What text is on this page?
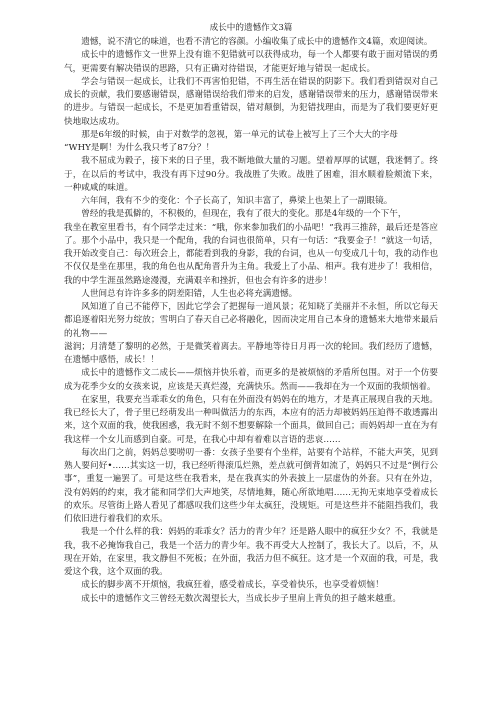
成长中的遗憾作文3篇

遗憾，说不清它的味道，也看不清它的容颜。小编收集了成长中的遗憾作文4篇，欢迎阅读。

成长中的遗憾作文一世界上没有谁不犯错就可以获得成功，每一个人都要有敢于面对错误的勇气，更需要有解决错误的思路，只有正确对待错误，才能更好地与错误一起成长。

学会与错误一起成长，让我们不再害怕犯错，不再生活在错误的阴影下。我们看到错误对自己成长的贡献，我们要感谢错误，感谢错误给我们带来的启发，感谢错误带来的压力，感谢错误带来的进步。与错误一起成长，不是更加看重错误，错对颠倒，为犯错找理由，而是为了我们要更好更快地取达成功。

那是6年级的时候，由于对数学的忽视，第一单元的试卷上被写上了三个大大的字母

“WHY是啊！为什么我只考了87分？！

我不屈成为毅子，接下来的日子里，我不断地做大量的习题。望着厚厚的试题，我迷惘了。终于，在以后的考试中，我没有再下过90分。我战胜了失败。战胜了困难，泪水顺着脸颊流下来，一种咸咸的味道。

六年间，我有不少的变化：个子长高了，知识丰富了，鼻梁上也架上了一副眼镜。

曾经的我是孤僻的，不积极的，但现在，我有了很大的变化。那是4年级的一个下午，

我坐在教室里看书，有个同学走过来：“哦，你来参加我们的小品吧！”我再三推辞，最后还是答应了。那个小品中，我只是一个配角，我的台词也很简单，只有一句话：“我要金子！”就这一句话，我开始改变自己：每次班会上，都能看到我的身影，我的台词，也从一句变成几十句，我的动作也不仅仅是坐在那里，我的角色也从配角晋升为主角。我爱上了小品、相声。我有进步了！我相信，我的中学生涯虽然路途漫漫，充满艰辛和挫折，但也会有许多的进步！

人世间总有许许多多的阴差阳错，人生也必将充满遗憾。

风知道了自己不能停下，因此它学会了把握每一道风景；花知晓了美丽并不永恒，所以它每天都追逐着阳光努力绽放；雪明白了春天自己必将融化，因而决定用自己本身的遗憾来大地带来最后的礼物——

滋润；月清楚了黎明的必然，于是微笑着离去。平静地等待日月再一次的轮回。我们经历了遗憾，在遗憾中感悟，成长！！

成长中的遗憾作文二成长——烦恼并快乐着，而更多的是被烦恼的矛盾所包围。对于一个仿要成为花季少女的女孩来说，应该是天真烂漫，充满快乐。然而——我却在为一个双面的我烦恼着。

在家里，我要充当乖乖女的角色，只有在外面没有妈妈在的地方，才是真正展现自我的天地。我已经长大了，骨子里已经萌发出一种叫做活力的东西，本应有的活力却被妈妈压迫得不敢透露出来，这个双面的我，使我困惑，我无时不刻不想要解除一个面具，做回自己；而妈妈却一直在为有我这样一个女儿而感到自豪。可是，在我心中却有着难以言语的悲哀……

每次出门之前，妈妈总要唠叨一番：女孩子坐要有个坐样，站要有个站样，不能大声笑，见到熟人要问好•……其实这一切，我已经听得滚瓜烂熟，差点就可倒背如流了，妈妈只不过是“例行公事”，重复一遍罢了。可是这些在我看来，是在我真实的外表披上一层虚伪的外套。只有在外边，没有妈妈的约束，我才能和同学们大声地笑，尽情地舞，随心所欲地唱……无拘无束地享受着成长的欢乐。尽管街上路人看见了都感叹我们这些少年太疯狂，没规矩。可是这些并不能阻挡我们，我们依旧进行着我们的欢乐。

我是一个什么样的我：妈妈的乖乖女？活力的青少年？还是路人眼中的疯狂少女？不，我就是我，我不必掩饰我自己，我是一个活力的青少年。我不再受大人控制了，我长大了。以后，不，从现在开始，在家里，我文静但不死板；在外面，我活力但不疯狂。这才是一个双面的我，可是，我爱这个我，这个双面的我。

成长的脚步离不开烦恼，我疯狂着，感受着成长，享受着快乐，也享受着烦恼！

成长中的遗憾作文三曾经无数次渴望长大，当成长步子里肩上背负的担子越来越重。
